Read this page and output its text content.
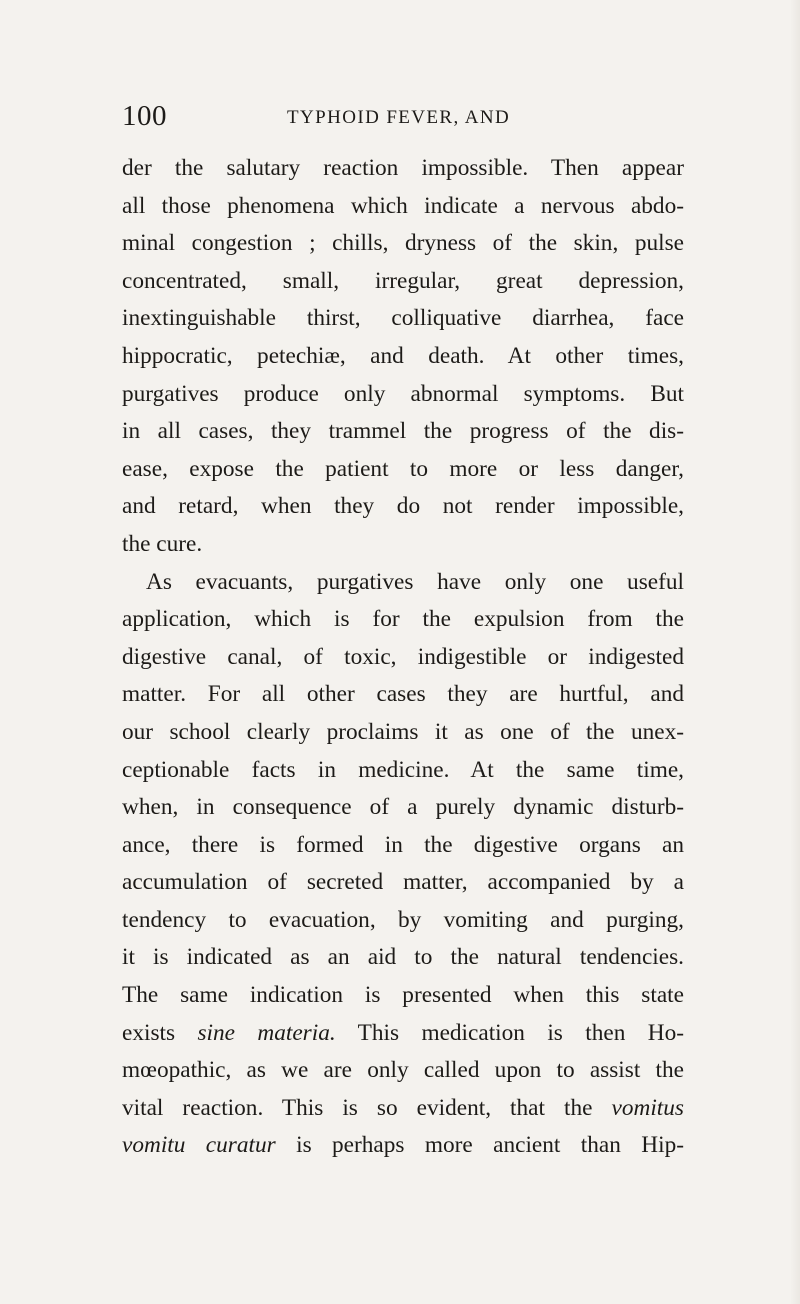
100	TYPHOID FEVER, AND
der the salutary reaction impossible. Then appear
all those phenomena which indicate a nervous abdo-
minal congestion ; chills, dryness of the skin, pulse
concentrated, small, irregular, great depression,
inextinguishable thirst, colliquative diarrhea, face
hippocratic, petechiæ, and death. At other times,
purgatives produce only abnormal symptoms. But
in all cases, they trammel the progress of the dis-
ease, expose the patient to more or less danger,
and retard, when they do not render impossible,
the cure.
As evacuants, purgatives have only one useful
application, which is for the expulsion from the
digestive canal, of toxic, indigestible or indigested
matter. For all other cases they are hurtful, and
our school clearly proclaims it as one of the unex-
ceptionable facts in medicine. At the same time,
when, in consequence of a purely dynamic disturb-
ance, there is formed in the digestive organs an
accumulation of secreted matter, accompanied by a
tendency to evacuation, by vomiting and purging,
it is indicated as an aid to the natural tendencies.
The same indication is presented when this state
exists sine materia. This medication is then Ho-
mœopathic, as we are only called upon to assist the
vital reaction. This is so evident, that the vomitus
vomitu curatur is perhaps more ancient than Hip-
